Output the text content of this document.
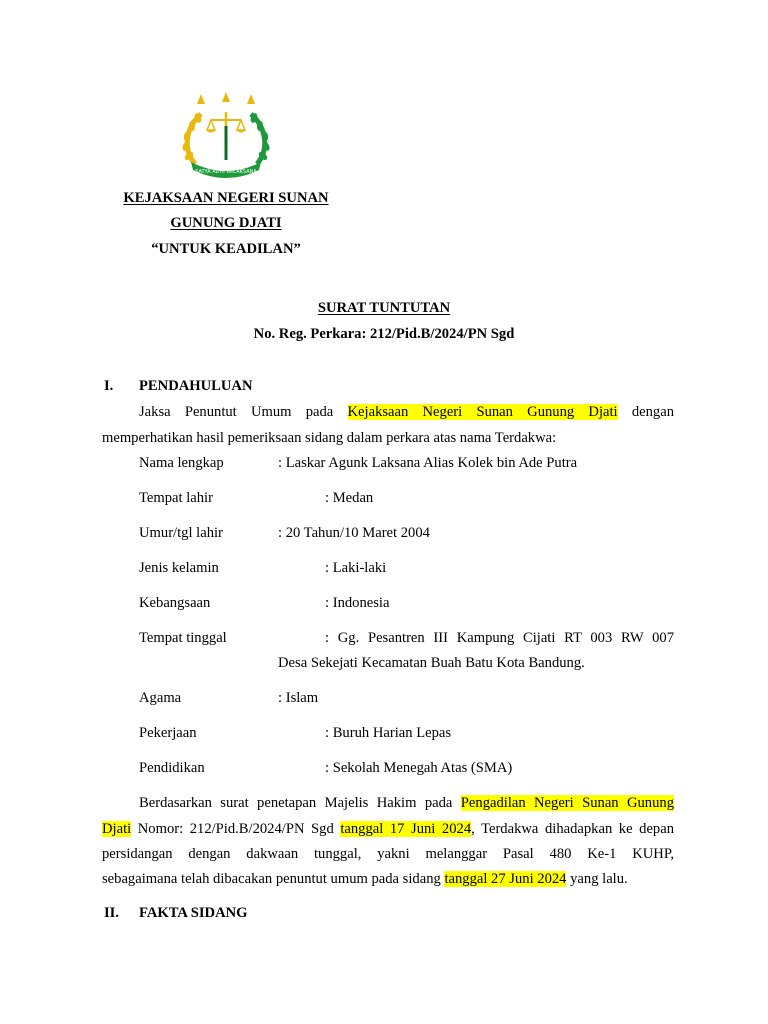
SATYA ADHI WICAKSANA
KEJAKSAAN NEGERI SUNAN
GUNUNG DJATI
“UNTUK KEADILAN”
SURAT TUNTUTAN
No. Reg. Perkara: 212/Pid.B/2024/PN Sgd
I. PENDAHULUAN
Jaksa Penuntut Umum pada Kejaksaan Negeri Sunan Gunung Djati dengan
memperhatikan hasil pemeriksaan sidang dalam perkara atas nama Terdakwa:
Nama lengkap	: Laskar Agunk Laksana Alias Kolek bin Ade Putra
Tempat lahir	: Medan
Umur/tgl lahir	: 20 Tahun/10 Maret 2004
Jenis kelamin	: Laki-laki
Kebangsaan	: Indonesia
Tempat tinggal	: Gg. Pesantren III Kampung Cijati RT 003 RW 007
Desa Sekejati Kecamatan Buah Batu Kota Bandung.
Agama	: Islam
Pekerjaan	: Buruh Harian Lepas
Pendidikan	: Sekolah Menegah Atas (SMA)
Berdasarkan surat penetapan Majelis Hakim pada Pengadilan Negeri Sunan Gunung
Djati Nomor: 212/Pid.B/2024/PN Sgd tanggal 17 Juni 2024, Terdakwa dihadapkan ke depan
persidangan dengan dakwaan tunggal, yakni melanggar Pasal 480 Ke-1 KUHP,
sebagaimana telah dibacakan penuntut umum pada sidang tanggal 27 Juni 2024 yang lalu.
II. FAKTA SIDANG
